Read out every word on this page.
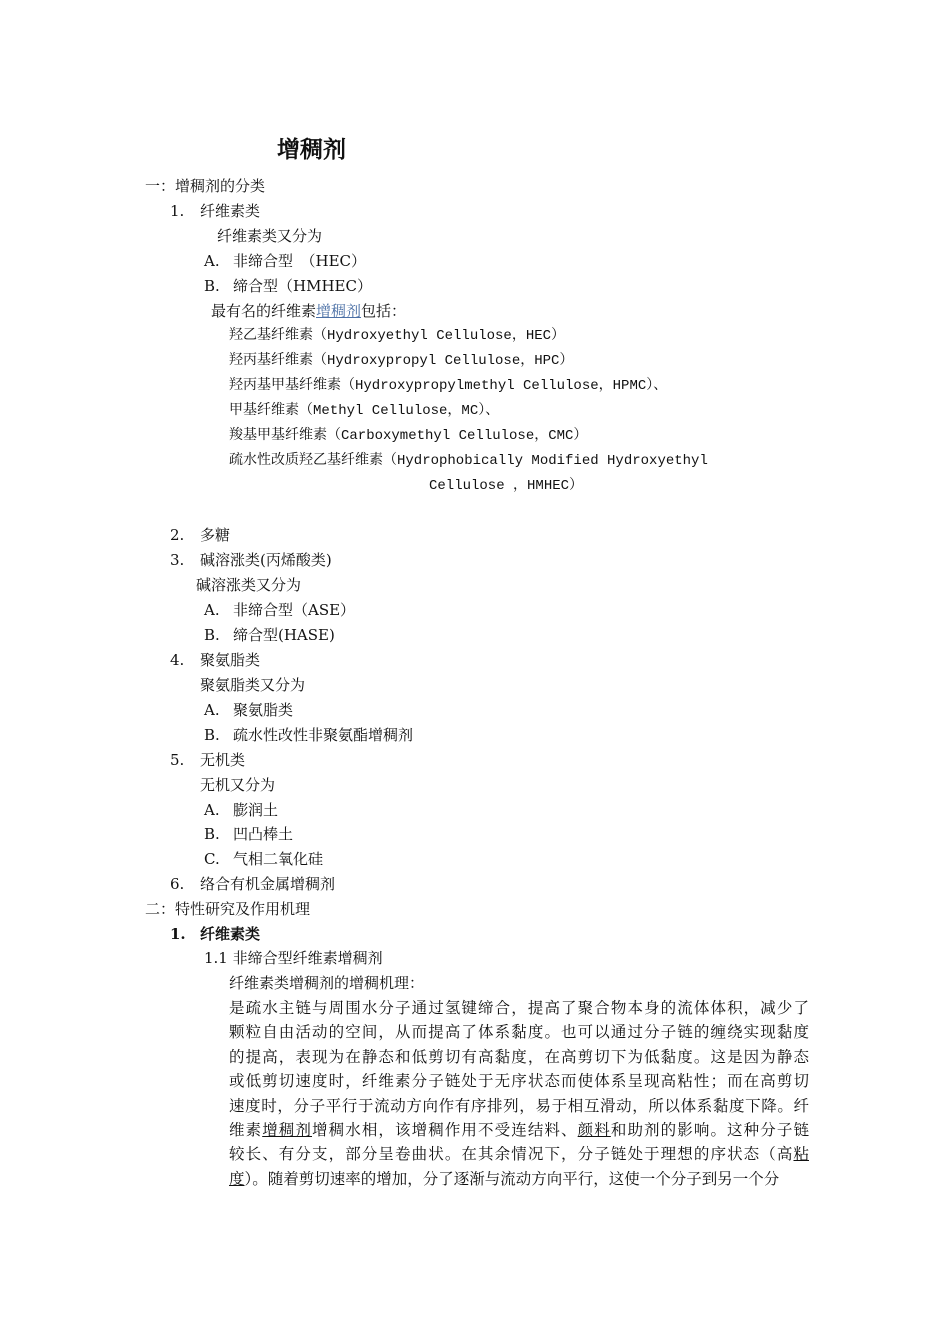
增稠剂
一：增稠剂的分类
1. 纤维素类
纤维素类又分为
A. 非缔合型　（HEC）
B. 缔合型（HMHEC）
最有名的纤维素增稠剂包括：
羟乙基纤维素（Hydroxyethyl Cellulose，HEC）
羟丙基纤维素（Hydroxypropyl Cellulose，HPC）
羟丙基甲基纤维素（Hydroxypropylmethyl Cellulose，HPMC）、
甲基纤维素（Methyl Cellulose，MC）、
羧基甲基纤维素（Carboxymethyl Cellulose，CMC）
疏水性改质羟乙基纤维素（Hydrophobically Modified Hydroxyethyl
Cellulose ，HMHEC）
2. 多糖
3. 碱溶涨类(丙烯酸类)
碱溶涨类又分为
A. 非缔合型（ASE）
B. 缔合型(HASE)
4. 聚氨脂类
聚氨脂类又分为
A. 聚氨脂类
B. 疏水性改性非聚氨酯增稠剂
5. 无机类
无机又分为
A. 膨润土
B. 凹凸棒土
C. 气相二氧化硅
6. 络合有机金属增稠剂
二：特性研究及作用机理
1. 纤维素类
1.1 非缔合型纤维素增稠剂
纤维素类增稠剂的增稠机理：
是疏水主链与周围水分子通过氢键缔合，提高了聚合物本身的流体体积，减少了
颗粒自由活动的空间，从而提高了体系黏度。也可以通过分子链的缠绕实现黏度
的提高，表现为在静态和低剪切有高黏度，在高剪切下为低黏度。这是因为静态
或低剪切速度时，纤维素分子链处于无序状态而使体系呈现高粘性；而在高剪切
速度时，分子平行于流动方向作有序排列，易于相互滑动，所以体系黏度下降。纤
维素增稠剂增稠水相，该增稠作用不受连结料、颜料和助剂的影响。这种分子链
较长、有分支，部分呈卷曲状。在其余情况下，分子链处于理想的序状态（高粘
度）。随着剪切速率的增加，分了逐渐与流动方向平行，这使一个分子到另一个分
